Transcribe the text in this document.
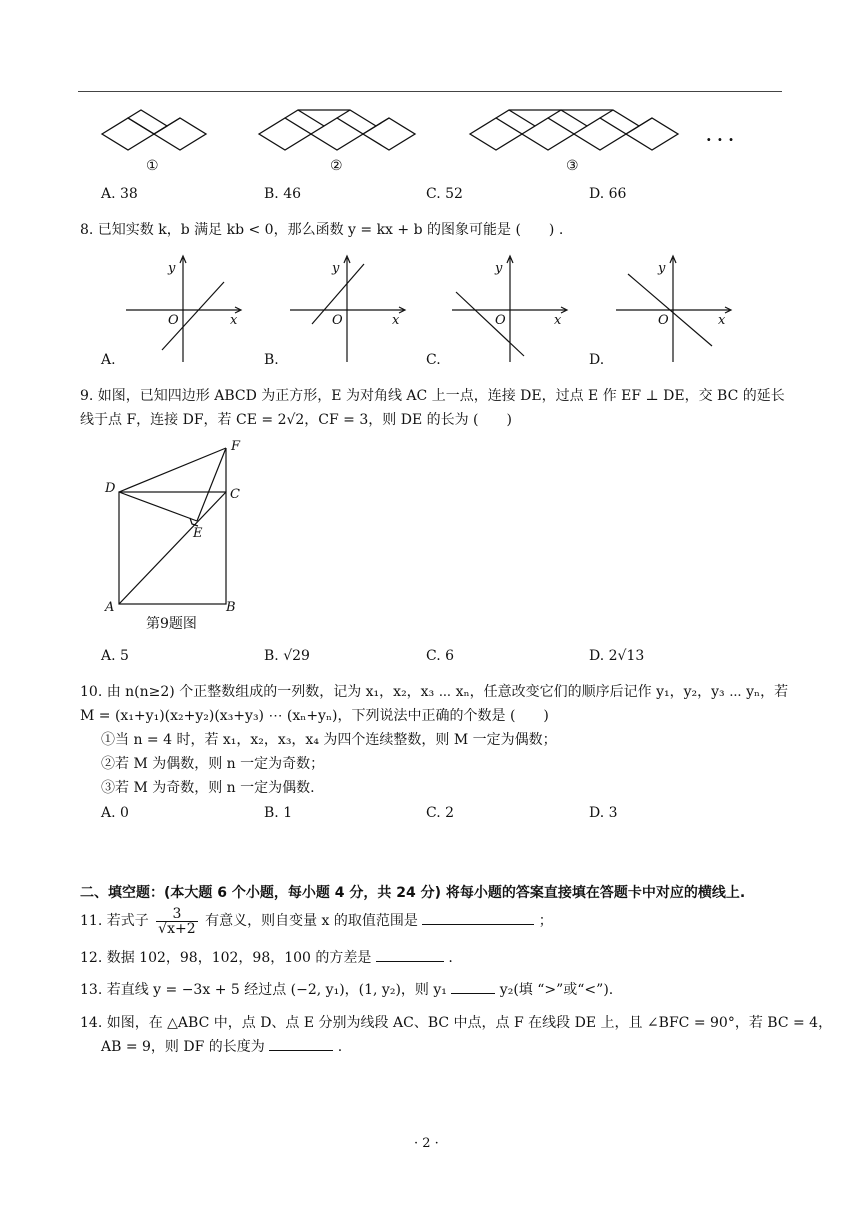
①	②	③
· · ·
A. 38	B. 46	C. 52	D. 66
8. 已知实数 k，b 满足 kb < 0，那么函数 y = kx + b 的图象可能是 (　　) .
y
O	x
y
O	x
y
O	x
y
O	x
A.	B.	C.	D.
9. 如图，已知四边形 ABCD 为正方形，E 为对角线 AC 上一点，连接 DE，过点 E 作 EF ⊥ DE，交 BC 的延长
线于点 F，连接 DF，若 CE = 2√2，CF = 3，则 DE 的长为 (　　)
F
D	C
E
A	B
第9题图
A. 5	B. √29	C. 6	D. 2√13
10. 由 n(n≥2) 个正整数组成的一列数，记为 x₁，x₂，x₃ ⋯ xₙ，任意改变它们的顺序后记作 y₁，y₂，y₃ ⋯ yₙ，若
M = (x₁+y₁)(x₂+y₂)(x₃+y₃) ⋯ (xₙ+yₙ)，下列说法中正确的个数是 (　　)
①当 n = 4 时，若 x₁，x₂，x₃，x₄ 为四个连续整数，则 M 一定为偶数；
②若 M 为偶数，则 n 一定为奇数；
③若 M 为奇数，则 n 一定为偶数.
A. 0	B. 1	C. 2	D. 3
二、填空题：(本大题 6 个小题，每小题 4 分，共 24 分) 将每小题的答案直接填在答题卡中对应的横线上.
11. 若式子 $\frac{3}{√x+2}$ 有意义，则自变量 x 的取值范围是	；
12. 数据 102，98，102，98，100 的方差是	.
13. 若直线 y = −3x + 5 经过点 (−2, y₁)，(1, y₂)，则 y₁	y₂(填 “>”或“<”).
14. 如图，在 △ABC 中，点 D、点 E 分别为线段 AC、BC 中点，点 F 在线段 DE 上，且 ∠BFC = 90°，若 BC = 4，
AB = 9，则 DF 的长度为	.
· 2 ·
